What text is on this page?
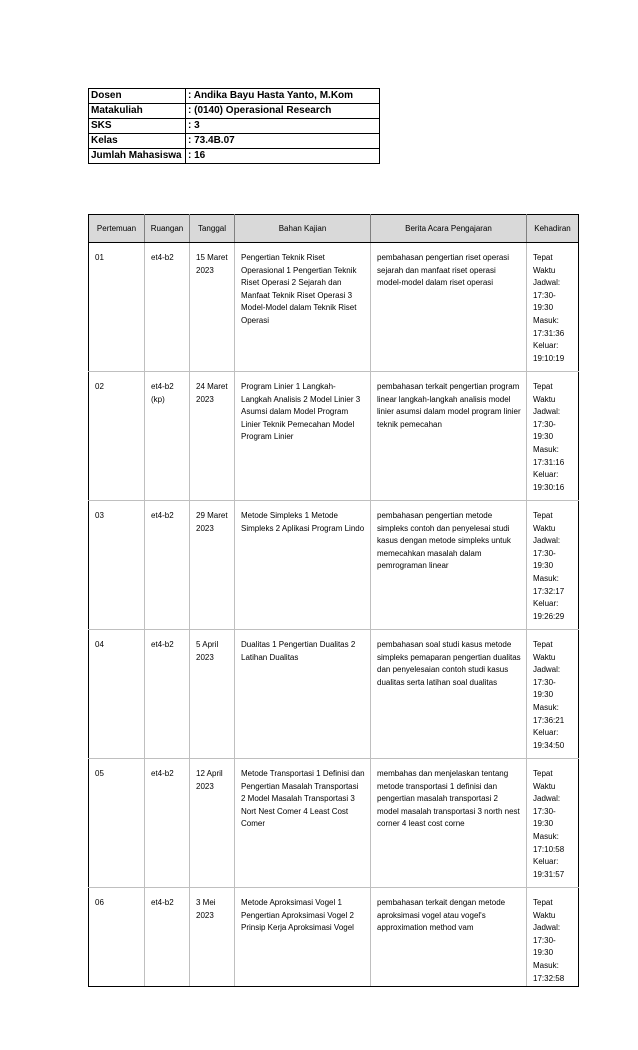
Dosen	: Andika Bayu Hasta Yanto, M.Kom
Matakuliah	: (0140) Operasional Research
SKS	: 3
Kelas	: 73.4B.07
Jumlah Mahasiswa	: 16
Pertemuan	Ruangan	Tanggal	Bahan Kajian	Berita Acara Pengajaran	Kehadiran
01	et4-b2	15 Maret 2023	Pengertian Teknik Riset Operasional 1 Pengertian Teknik Riset Operasi 2 Sejarah dan Manfaat Teknik Riset Operasi 3 Model-Model dalam Teknik Riset Operasi	pembahasan pengertian riset operasi sejarah dan manfaat riset operasi model-model dalam riset operasi	Tepat Waktu Jadwal: 17:30-19:30 Masuk: 17:31:36 Keluar: 19:10:19
02	et4-b2 (kp)	24 Maret 2023	Program Linier 1 Langkah-Langkah Analisis 2 Model Linier 3 Asumsi dalam Model Program Linier Teknik Pemecahan Model Program Linier	pembahasan terkait pengertian program linear langkah-langkah analisis model linier asumsi dalam model program linier teknik pemecahan	Tepat Waktu Jadwal: 17:30-19:30 Masuk: 17:31:16 Keluar: 19:30:16
03	et4-b2	29 Maret 2023	Metode Simpleks 1 Metode Simpleks 2 Aplikasi Program Lindo	pembahasan pengertian metode simpleks contoh dan penyelesai studi kasus dengan metode simpleks untuk memecahkan masalah dalam pemrograman linear	Tepat Waktu Jadwal: 17:30-19:30 Masuk: 17:32:17 Keluar: 19:26:29
04	et4-b2	5 April 2023	Dualitas 1 Pengertian Dualitas 2 Latihan Dualitas	pembahasan soal studi kasus metode simpleks pemaparan pengertian dualitas dan penyelesaian contoh studi kasus dualitas serta latihan soal dualitas	Tepat Waktu Jadwal: 17:30-19:30 Masuk: 17:36:21 Keluar: 19:34:50
05	et4-b2	12 April 2023	Metode Transportasi 1 Definisi dan Pengertian Masalah Transportasi 2 Model Masalah Transportasi 3 Nort Nest Comer 4 Least Cost Comer	membahas dan menjelaskan tentang metode transportasi 1 definisi dan pengertian masalah transportasi 2 model masalah transportasi 3 north nest corner 4 least cost corne	Tepat Waktu Jadwal: 17:30-19:30 Masuk: 17:10:58 Keluar: 19:31:57
06	et4-b2	3 Mei 2023	Metode Aproksimasi Vogel 1 Pengertian Aproksimasi Vogel 2 Prinsip Kerja Aproksimasi Vogel	pembahasan terkait dengan metode aproksimasi vogel atau vogel's approximation method vam	Tepat Waktu Jadwal: 17:30-19:30 Masuk: 17:32:58
